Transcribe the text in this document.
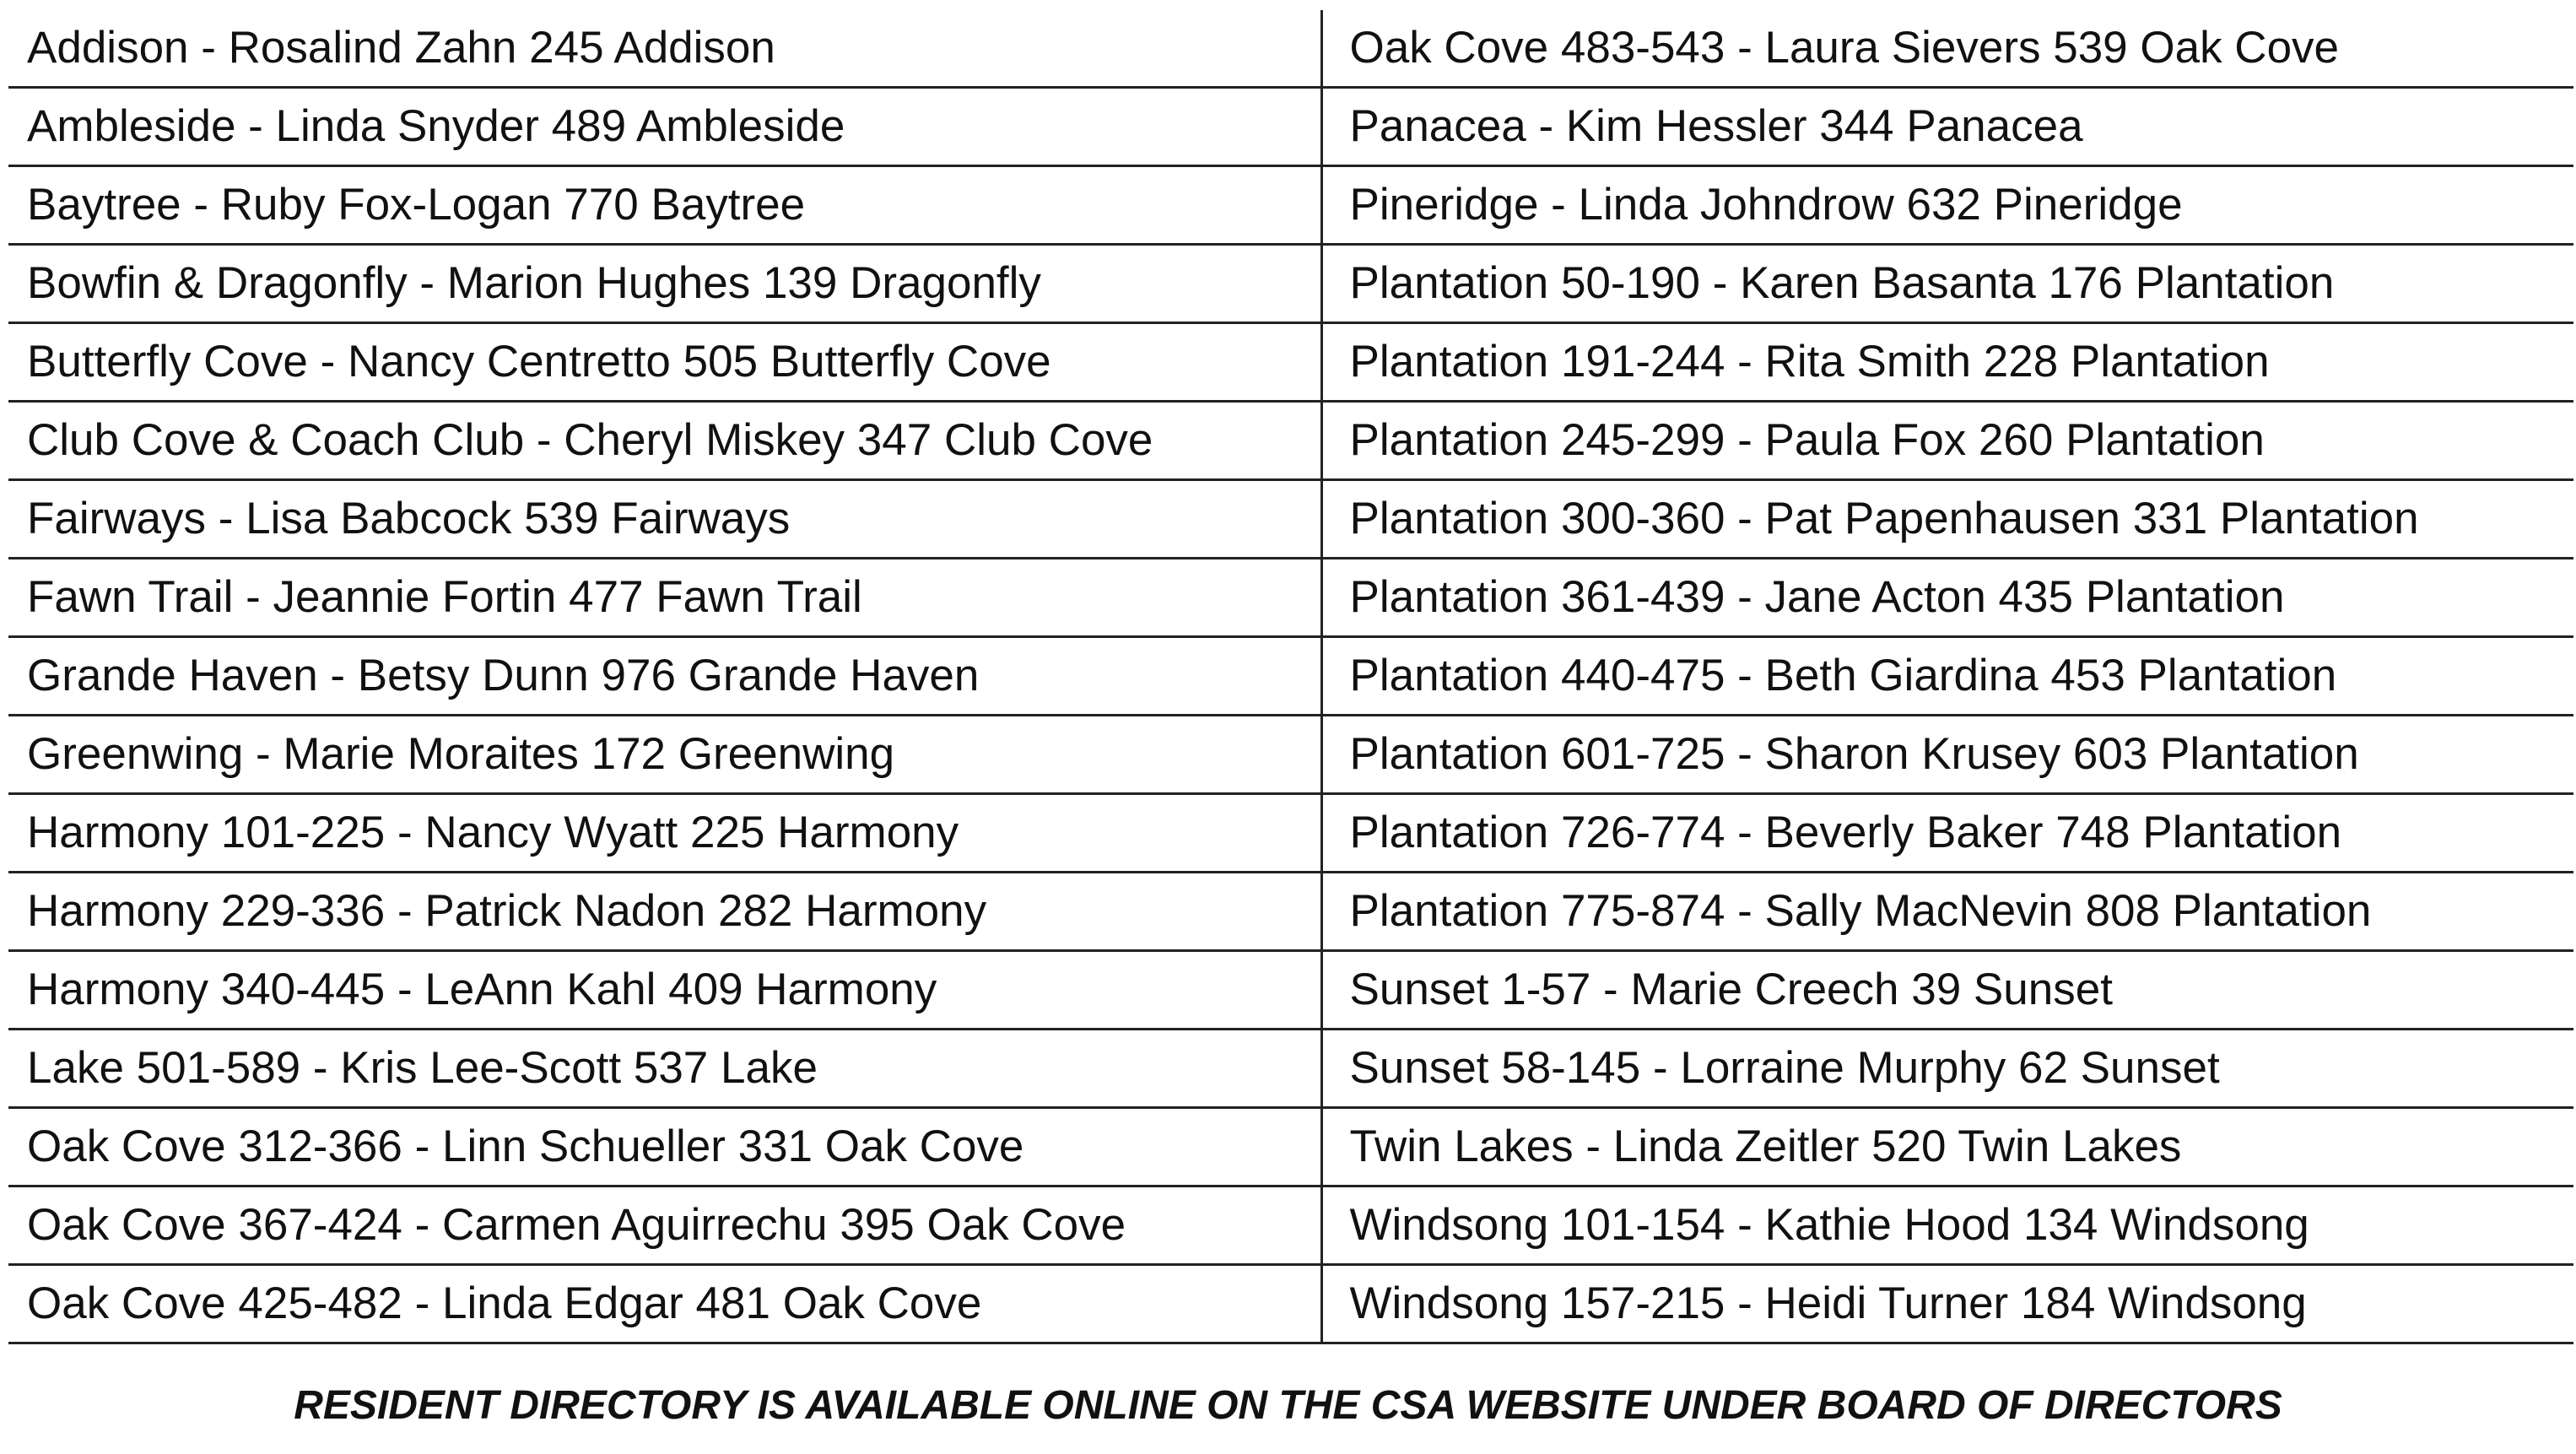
Addison - Rosalind Zahn 245 Addison	Oak Cove 483-543 - Laura Sievers 539 Oak Cove
Ambleside - Linda Snyder 489 Ambleside	Panacea - Kim Hessler 344 Panacea
Baytree - Ruby Fox-Logan 770 Baytree	Pineridge - Linda Johndrow 632 Pineridge
Bowfin & Dragonfly - Marion Hughes 139 Dragonfly	Plantation 50-190 - Karen Basanta 176 Plantation
Butterfly Cove - Nancy Centretto 505 Butterfly Cove	Plantation 191-244 - Rita Smith 228 Plantation
Club Cove & Coach Club - Cheryl Miskey 347 Club Cove	Plantation 245-299 - Paula Fox 260 Plantation
Fairways - Lisa Babcock 539 Fairways	Plantation 300-360 - Pat Papenhausen 331 Plantation
Fawn Trail - Jeannie Fortin 477 Fawn Trail	Plantation 361-439 - Jane Acton 435 Plantation
Grande Haven - Betsy Dunn 976 Grande Haven	Plantation 440-475 - Beth Giardina 453 Plantation
Greenwing - Marie Moraites 172 Greenwing	Plantation 601-725 - Sharon Krusey 603 Plantation
Harmony 101-225 - Nancy Wyatt 225 Harmony	Plantation 726-774 - Beverly Baker 748 Plantation
Harmony 229-336 - Patrick Nadon 282 Harmony	Plantation 775-874 - Sally MacNevin 808 Plantation
Harmony 340-445 - LeAnn Kahl 409 Harmony	Sunset 1-57 - Marie Creech 39 Sunset
Lake 501-589 - Kris Lee-Scott 537 Lake	Sunset 58-145 - Lorraine Murphy 62 Sunset
Oak Cove 312-366 - Linn Schueller 331 Oak Cove	Twin Lakes - Linda Zeitler 520 Twin Lakes
Oak Cove 367-424 - Carmen Aguirrechu 395 Oak Cove	Windsong 101-154 - Kathie Hood 134 Windsong
Oak Cove 425-482 - Linda Edgar 481 Oak Cove	Windsong 157-215 - Heidi Turner 184 Windsong
RESIDENT DIRECTORY IS AVAILABLE ONLINE ON THE CSA WEBSITE UNDER BOARD OF DIRECTORS
